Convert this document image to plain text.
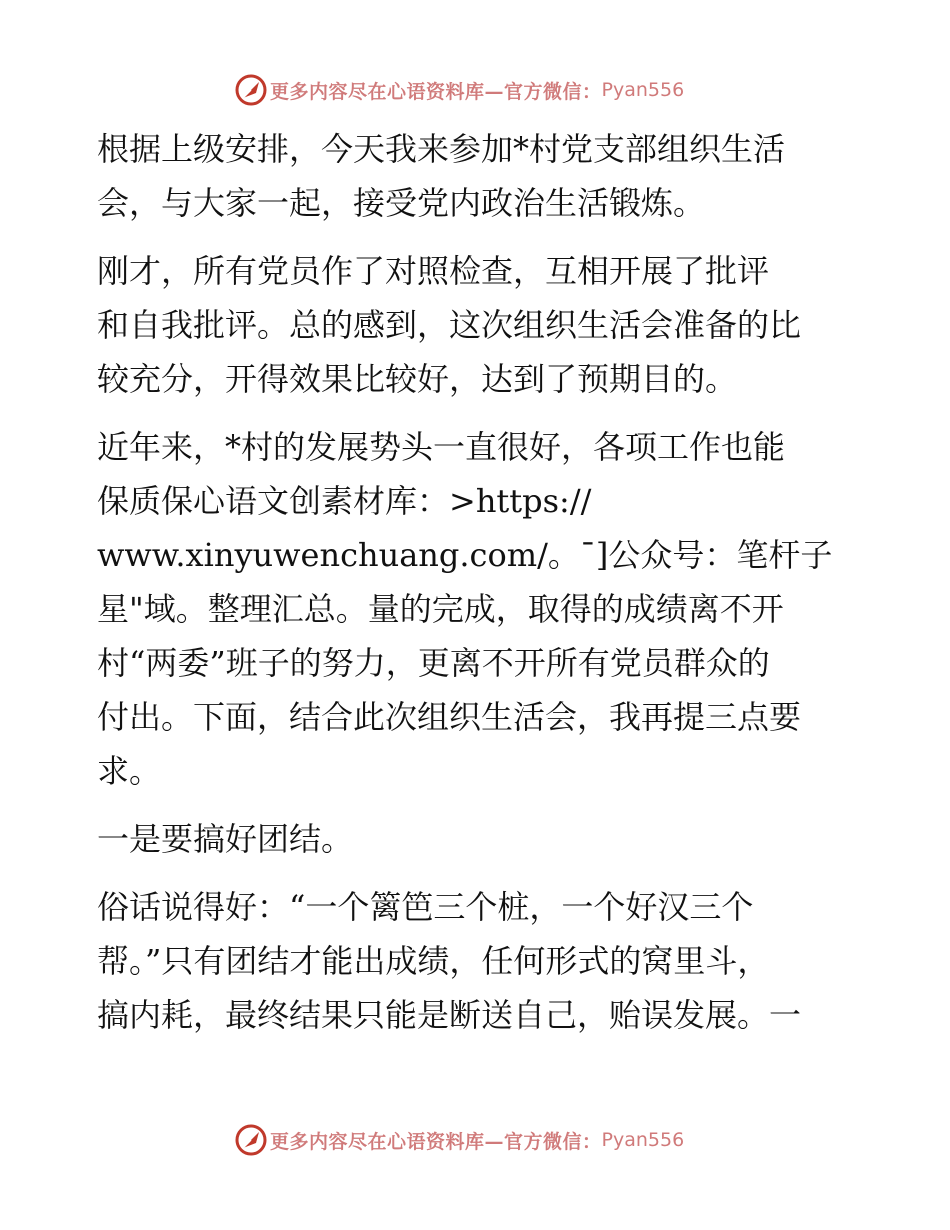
更多内容尽在心语资料库—官方微信： Pyan556

根据上级安排，今天我来参加*村党支部组织生活
会，与大家一起，接受党内政治生活锻炼。

刚才，所有党员作了对照检查，互相开展了批评
和自我批评。总的感到，这次组织生活会准备的比
较充分，开得效果比较好，达到了预期目的。

近年来，*村的发展势头一直很好，各项工作也能
保质保心语文创素材库：>https://
www.xinyuwenchuang.com/。¯]公众号：笔杆子
星"域。整理汇总。量的完成，取得的成绩离不开
村“两委”班子的努力，更离不开所有党员群众的
付出。下面，结合此次组织生活会，我再提三点要
求。

一是要搞好团结。

俗话说得好：“一个篱笆三个桩，一个好汉三个
帮。”只有团结才能出成绩，任何形式的窝里斗，
搞内耗，最终结果只能是断送自己，贻误发展。一

更多内容尽在心语资料库—官方微信： Pyan556
